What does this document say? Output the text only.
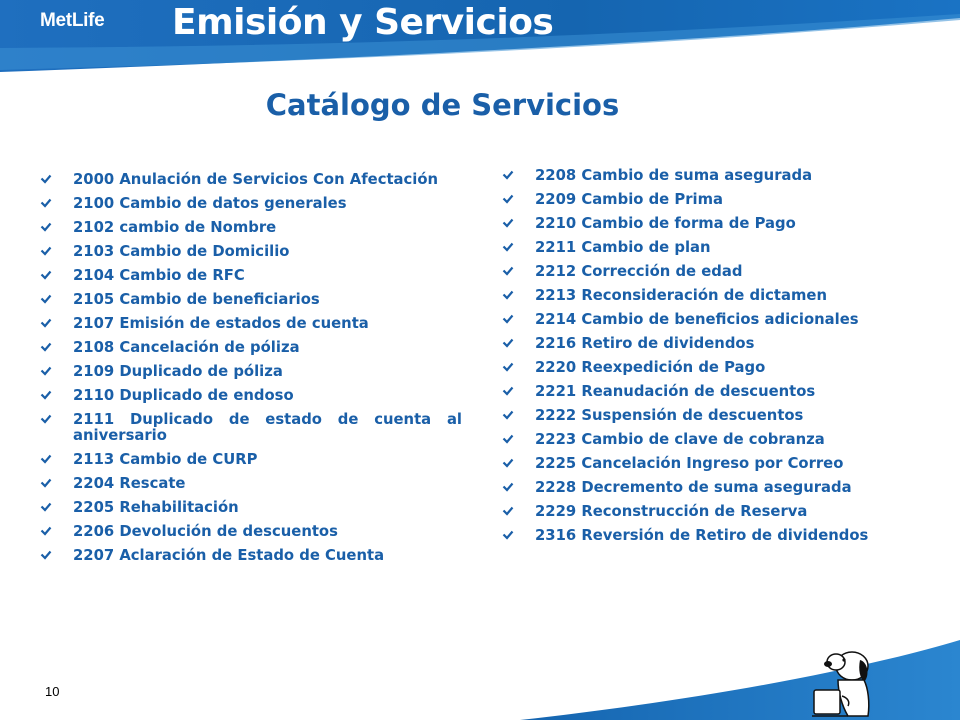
MetLife Emisión y Servicios
Catálogo de Servicios
2000 Anulación de Servicios Con Afectación
2100 Cambio de datos generales
2102 cambio de Nombre
2103 Cambio de Domicilio
2104 Cambio de RFC
2105 Cambio de beneficiarios
2107 Emisión de estados de cuenta
2108 Cancelación de póliza
2109 Duplicado de póliza
2110 Duplicado de endoso
2111 Duplicado de estado de cuenta al aniversario
2113 Cambio de CURP
2204 Rescate
2205 Rehabilitación
2206 Devolución de descuentos
2207 Aclaración de Estado de Cuenta
2208 Cambio de suma asegurada
2209 Cambio de Prima
2210 Cambio de forma de Pago
2211 Cambio de plan
2212 Corrección de edad
2213 Reconsideración de dictamen
2214 Cambio de beneficios adicionales
2216 Retiro de dividendos
2220 Reexpedición de Pago
2221 Reanudación de descuentos
2222 Suspensión de descuentos
2223 Cambio de clave de cobranza
2225 Cancelación Ingreso por Correo
2228 Decremento de suma asegurada
2229 Reconstrucción de Reserva
2316 Reversión de Retiro de dividendos
10
